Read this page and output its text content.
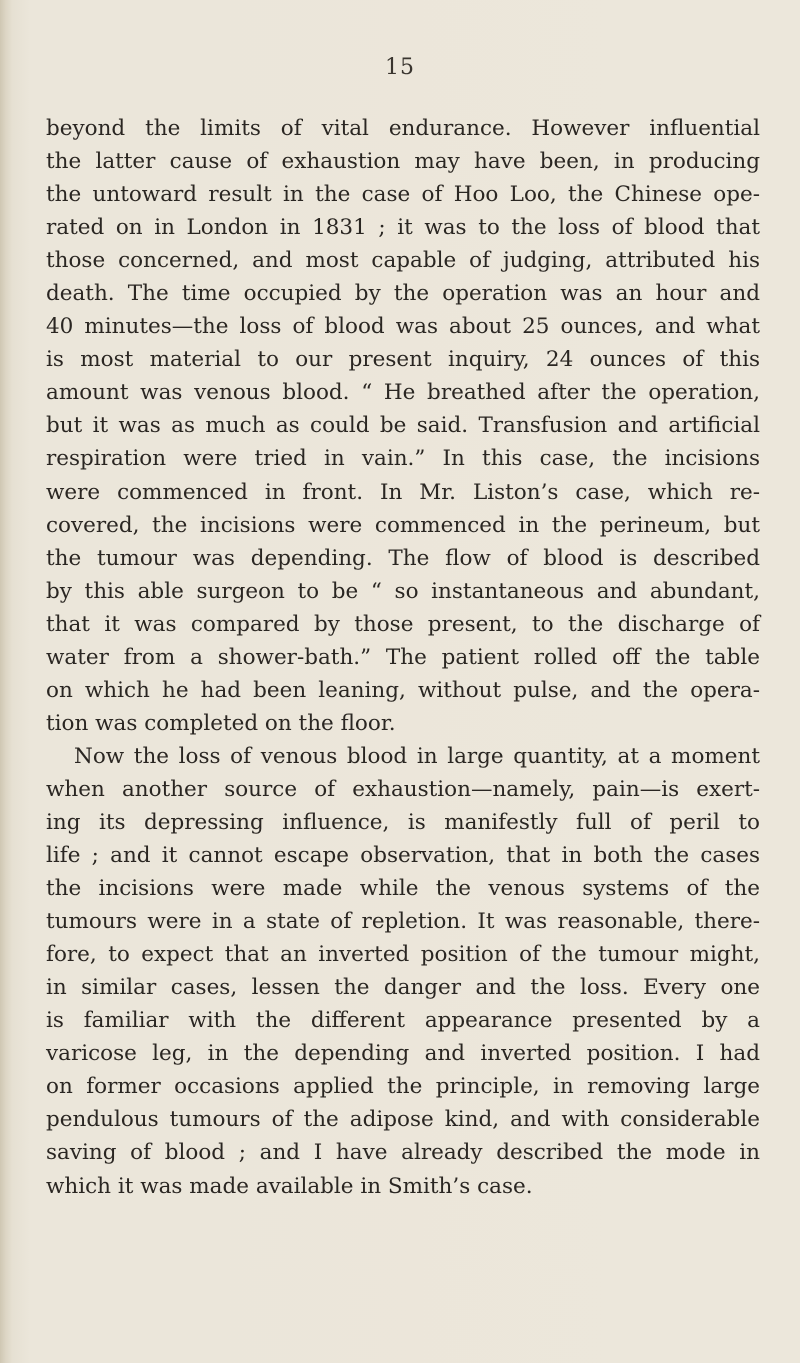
15
beyond the limits of vital endurance. However influential
the latter cause of exhaustion may have been, in producing
the untoward result in the case of Hoo Loo, the Chinese ope-
rated on in London in 1831 ; it was to the loss of blood that
those concerned, and most capable of judging, attributed his
death. The time occupied by the operation was an hour and
40 minutes—the loss of blood was about 25 ounces, and what
is most material to our present inquiry, 24 ounces of this
amount was venous blood. “ He breathed after the operation,
but it was as much as could be said. Transfusion and artificial
respiration were tried in vain.” In this case, the incisions
were commenced in front. In Mr. Liston’s case, which re-
covered, the incisions were commenced in the perineum, but
the tumour was depending. The flow of blood is described
by this able surgeon to be “ so instantaneous and abundant,
that it was compared by those present, to the discharge of
water from a shower-bath.” The patient rolled off the table
on which he had been leaning, without pulse, and the opera-
tion was completed on the floor.
Now the loss of venous blood in large quantity, at a moment
when another source of exhaustion—namely, pain—is exert-
ing its depressing influence, is manifestly full of peril to
life ; and it cannot escape observation, that in both the cases
the incisions were made while the venous systems of the
tumours were in a state of repletion. It was reasonable, there-
fore, to expect that an inverted position of the tumour might,
in similar cases, lessen the danger and the loss. Every one
is familiar with the different appearance presented by a
varicose leg, in the depending and inverted position. I had
on former occasions applied the principle, in removing large
pendulous tumours of the adipose kind, and with considerable
saving of blood ; and I have already described the mode in
which it was made available in Smith’s case.
